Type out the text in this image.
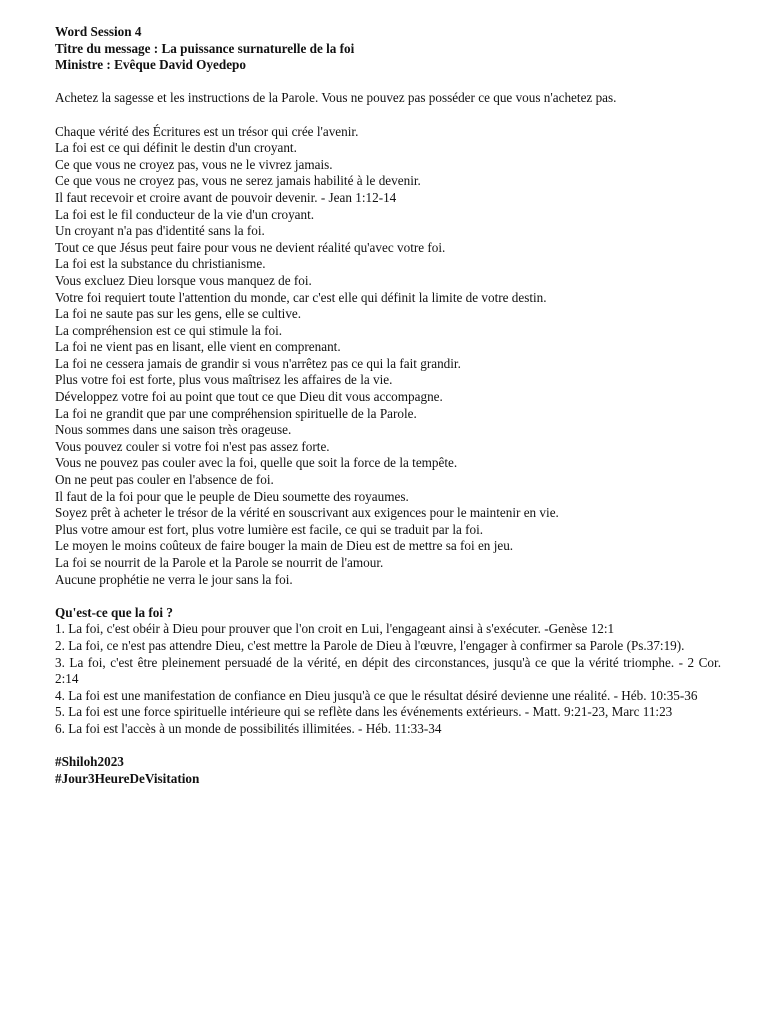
Word Session 4
Titre du message : La puissance surnaturelle de la foi
Ministre : Evêque David Oyedepo
Achetez la sagesse et les instructions de la Parole. Vous ne pouvez pas posséder ce que vous n'achetez pas.
Chaque vérité des Écritures est un trésor qui crée l'avenir.
La foi est ce qui définit le destin d'un croyant.
Ce que vous ne croyez pas, vous ne le vivrez jamais.
Ce que vous ne croyez pas, vous ne serez jamais habilité à le devenir.
Il faut recevoir et croire avant de pouvoir devenir. - Jean 1:12-14
La foi est le fil conducteur de la vie d'un croyant.
Un croyant n'a pas d'identité sans la foi.
Tout ce que Jésus peut faire pour vous ne devient réalité qu'avec votre foi.
La foi est la substance du christianisme.
Vous excluez Dieu lorsque vous manquez de foi.
Votre foi requiert toute l'attention du monde, car c'est elle qui définit la limite de votre destin.
La foi ne saute pas sur les gens, elle se cultive.
La compréhension est ce qui stimule la foi.
La foi ne vient pas en lisant, elle vient en comprenant.
La foi ne cessera jamais de grandir si vous n'arrêtez pas ce qui la fait grandir.
Plus votre foi est forte, plus vous maîtrisez les affaires de la vie.
Développez votre foi au point que tout ce que Dieu dit vous accompagne.
La foi ne grandit que par une compréhension spirituelle de la Parole.
Nous sommes dans une saison très orageuse.
Vous pouvez couler si votre foi n'est pas assez forte.
Vous ne pouvez pas couler avec la foi, quelle que soit la force de la tempête.
On ne peut pas couler en l'absence de foi.
Il faut de la foi pour que le peuple de Dieu soumette des royaumes.
Soyez prêt à acheter le trésor de la vérité en souscrivant aux exigences pour le maintenir en vie.
Plus votre amour est fort, plus votre lumière est facile, ce qui se traduit par la foi.
Le moyen le moins coûteux de faire bouger la main de Dieu est de mettre sa foi en jeu.
La foi se nourrit de la Parole et la Parole se nourrit de l'amour.
Aucune prophétie ne verra le jour sans la foi.
Qu'est-ce que la foi ?
1. La foi, c'est obéir à Dieu pour prouver que l'on croit en Lui, l'engageant ainsi à s'exécuter. -Genèse 12:1
2. La foi, ce n'est pas attendre Dieu, c'est mettre la Parole de Dieu à l'œuvre, l'engager à confirmer sa Parole (Ps.37:19).
3. La foi, c'est être pleinement persuadé de la vérité, en dépit des circonstances, jusqu'à ce que la vérité triomphe. - 2 Cor. 2:14
4. La foi est une manifestation de confiance en Dieu jusqu'à ce que le résultat désiré devienne une réalité. - Héb. 10:35-36
5. La foi est une force spirituelle intérieure qui se reflète dans les événements extérieurs. - Matt. 9:21-23, Marc 11:23
6. La foi est l'accès à un monde de possibilités illimitées. - Héb. 11:33-34
#Shiloh2023
#Jour3HeureDeVisitation
